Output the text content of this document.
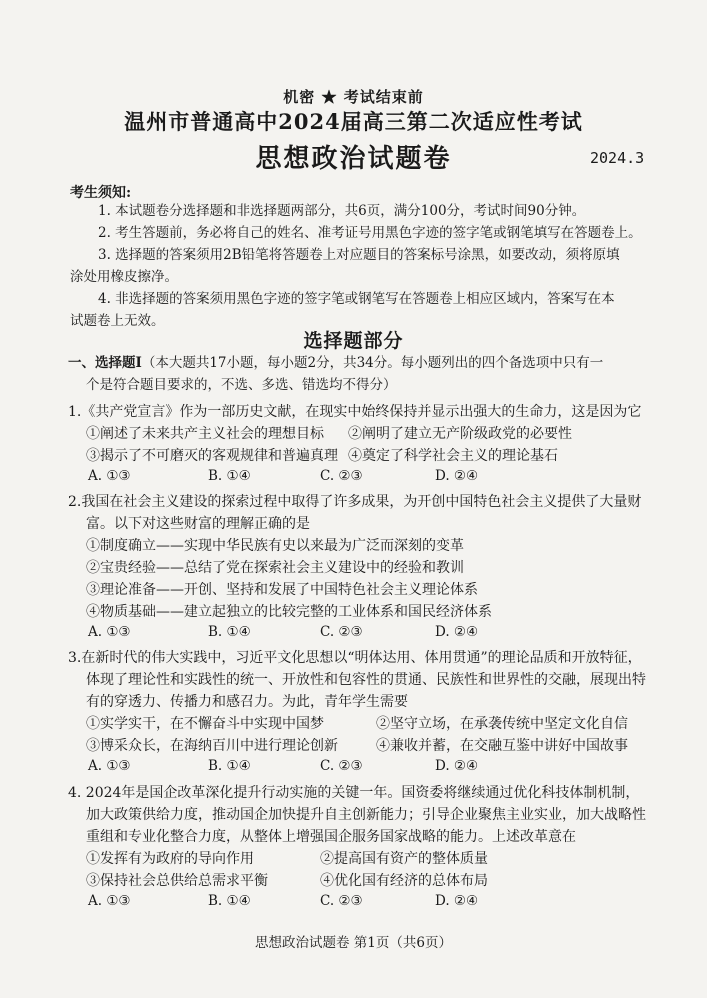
机密 ★ 考试结束前
温州市普通高中2024届高三第二次适应性考试
思想政治试题卷	2024.3
考生须知:
1. 本试题卷分选择题和非选择题两部分，共6页，满分100分，考试时间90分钟。
2. 考生答题前，务必将自己的姓名、准考证号用黑色字迹的签字笔或钢笔填写在答题卷上。
3. 选择题的答案须用2B铅笔将答题卷上对应题目的答案标号涂黑，如要改动，须将原填
涂处用橡皮擦净。
4. 非选择题的答案须用黑色字迹的签字笔或钢笔写在答题卷上相应区域内，答案写在本
试题卷上无效。
选择题部分
一、选择题Ⅰ（本大题共17小题，每小题2分，共34分。每小题列出的四个备选项中只有一
个是符合题目要求的，不选、多选、错选均不得分）
1.《共产党宣言》作为一部历史文献，在现实中始终保持并显示出强大的生命力，这是因为它
①阐述了未来共产主义社会的理想目标 ②阐明了建立无产阶级政党的必要性
③揭示了不可磨灭的客观规律和普遍真理 ④奠定了科学社会主义的理论基石
A. ①③	B. ①④	C. ②③	D. ②④
2.我国在社会主义建设的探索过程中取得了许多成果，为开创中国特色社会主义提供了大量财
富。以下对这些财富的理解正确的是
①制度确立——实现中华民族有史以来最为广泛而深刻的变革
②宝贵经验——总结了党在探索社会主义建设中的经验和教训
③理论准备——开创、坚持和发展了中国特色社会主义理论体系
④物质基础——建立起独立的比较完整的工业体系和国民经济体系
A. ①③	B. ①④	C. ②③	D. ②④
3.在新时代的伟大实践中，习近平文化思想以“明体达用、体用贯通”的理论品质和开放特征，
体现了理论性和实践性的统一、开放性和包容性的贯通、民族性和世界性的交融，展现出特
有的穿透力、传播力和感召力。为此，青年学生需要
①实学实干，在不懈奋斗中实现中国梦	②坚守立场，在承袭传统中坚定文化自信
③博采众长，在海纳百川中进行理论创新	④兼收并蓄，在交融互鉴中讲好中国故事
A. ①③	B. ①④	C. ②③	D. ②④
4. 2024年是国企改革深化提升行动实施的关键一年。国资委将继续通过优化科技体制机制，
加大政策供给力度，推动国企加快提升自主创新能力；引导企业聚焦主业实业，加大战略性
重组和专业化整合力度，从整体上增强国企服务国家战略的能力。上述改革意在
①发挥有为政府的导向作用	②提高国有资产的整体质量
③保持社会总供给总需求平衡	④优化国有经济的总体布局
A. ①③	B. ①④	C. ②③	D. ②④
思想政治试题卷 第1页（共6页）
